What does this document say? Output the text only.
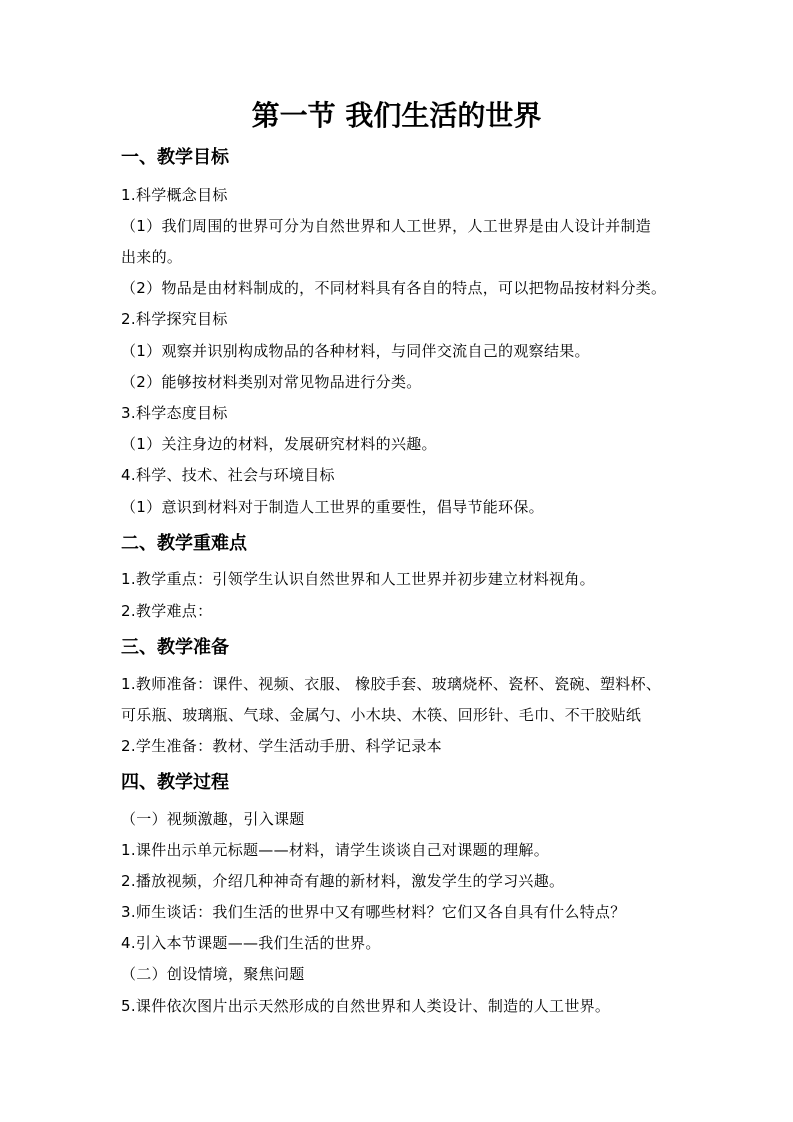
第一节 我们生活的世界
一、教学目标
1.科学概念目标
（1）我们周围的世界可分为自然世界和人工世界，人工世界是由人设计并制造
出来的。
（2）物品是由材料制成的，不同材料具有各自的特点，可以把物品按材料分类。
2.科学探究目标
（1）观察并识别构成物品的各种材料，与同伴交流自己的观察结果。
（2）能够按材料类别对常见物品进行分类。
3.科学态度目标
（1）关注身边的材料，发展研究材料的兴趣。
4.科学、技术、社会与环境目标
（1）意识到材料对于制造人工世界的重要性，倡导节能环保。
二、教学重难点
1.教学重点：引领学生认识自然世界和人工世界并初步建立材料视角。
2.教学难点：
三、教学准备
1.教师准备：课件、视频、衣服、 橡胶手套、玻璃烧杯、瓷杯、瓷碗、塑料杯、
可乐瓶、玻璃瓶、气球、金属勺、小木块、木筷、回形针、毛巾、不干胶贴纸
2.学生准备：教材、学生活动手册、科学记录本
四、教学过程
（一）视频激趣，引入课题
1.课件出示单元标题——材料，请学生谈谈自己对课题的理解。
2.播放视频，介绍几种神奇有趣的新材料，激发学生的学习兴趣。
3.师生谈话：我们生活的世界中又有哪些材料？它们又各自具有什么特点？
4.引入本节课题——我们生活的世界。
（二）创设情境，聚焦问题
5.课件依次图片出示天然形成的自然世界和人类设计、制造的人工世界。
